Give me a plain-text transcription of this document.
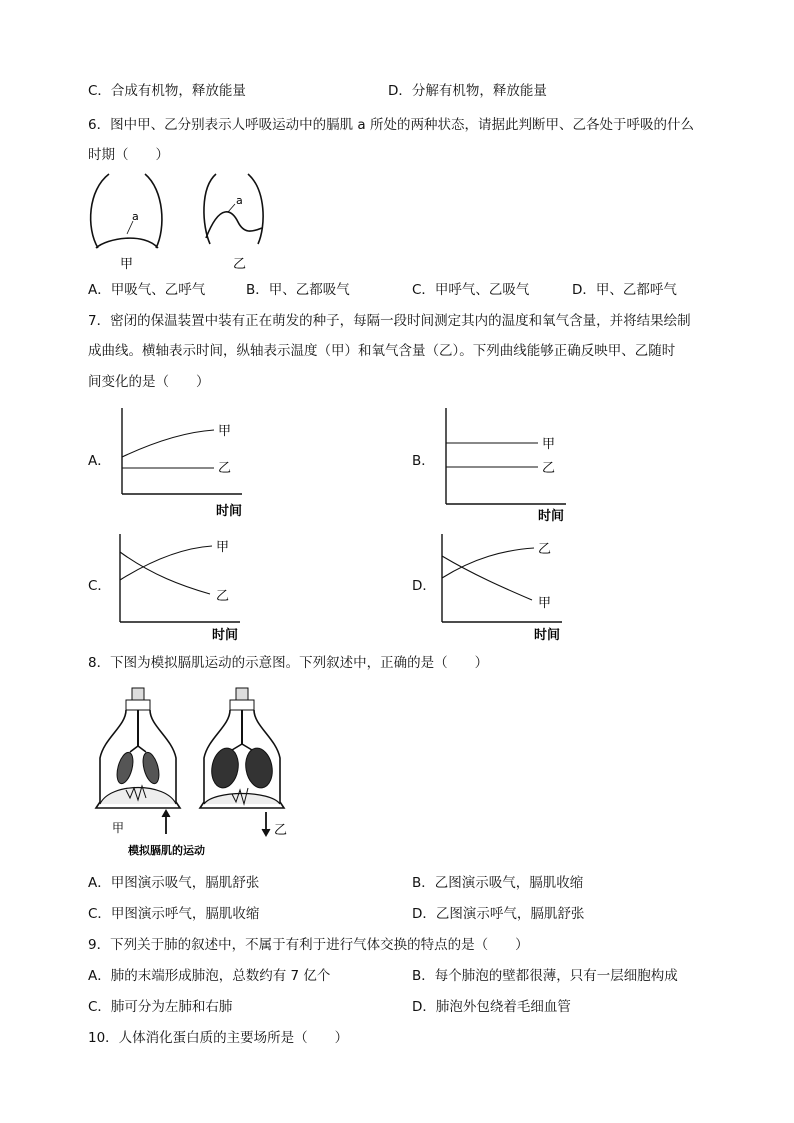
C．合成有机物，释放能量	D．分解有机物，释放能量
6．图中甲、乙分别表示人呼吸运动中的膈肌 a 所处的两种状态，请据此判断甲、乙各处于呼吸的什么
时期（　　）
a
甲
a
乙
A．甲吸气、乙呼气	B．甲、乙都吸气	C．甲呼气、乙吸气	D．甲、乙都呼气
7．密闭的保温装置中装有正在萌发的种子，每隔一段时间测定其内的温度和氧气含量，并将结果绘制
成曲线。横轴表示时间，纵轴表示温度（甲）和氧气含量（乙）。下列曲线能够正确反映甲、乙随时
间变化的是（　　）
A．
甲
乙
时间
B．
甲
乙
时间
C．
甲
乙
时间
D．
乙
甲
时间
8．下图为模拟膈肌运动的示意图。下列叙述中，正确的是（　　）
甲	乙
模拟膈肌的运动
A．甲图演示吸气，膈肌舒张	B．乙图演示吸气，膈肌收缩
C．甲图演示呼气，膈肌收缩	D．乙图演示呼气，膈肌舒张
9．下列关于肺的叙述中，不属于有利于进行气体交换的特点的是（　　）
A．肺的末端形成肺泡，总数约有 7 亿个	B．每个肺泡的壁都很薄，只有一层细胞构成
C．肺可分为左肺和右肺	D．肺泡外包绕着毛细血管
10．人体消化蛋白质的主要场所是（　　）
